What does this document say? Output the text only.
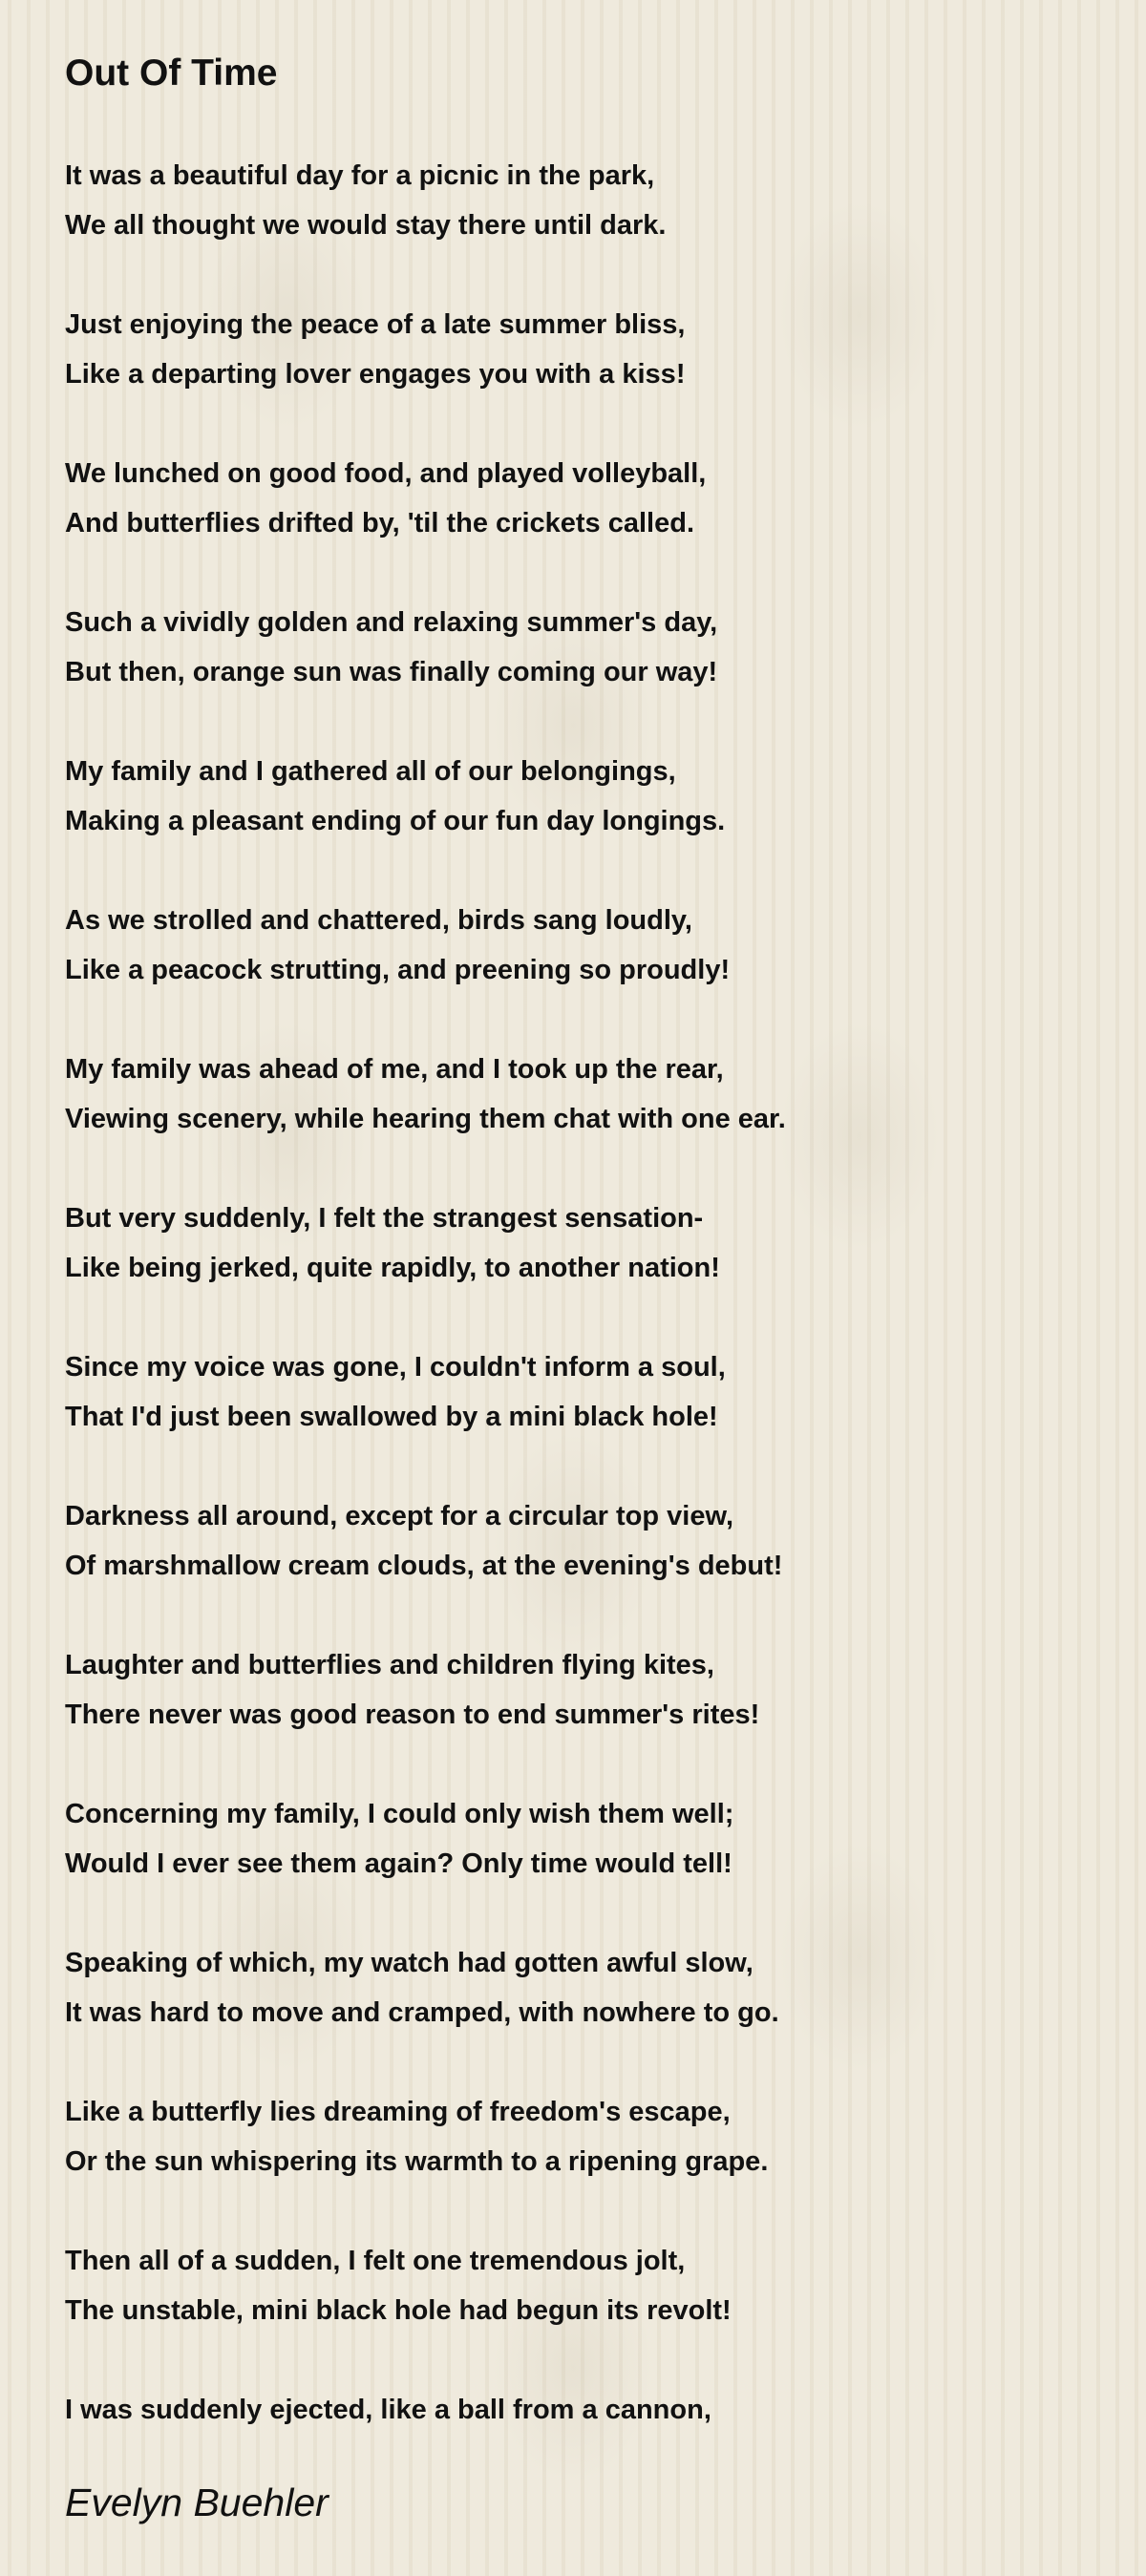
Out Of Time
It was a beautiful day for a picnic in the park,
We all thought we would stay there until dark.
Just enjoying the peace of a late summer bliss,
Like a departing lover engages you with a kiss!
We lunched on good food, and played volleyball,
And butterflies drifted by, 'til the crickets called.
Such a vividly golden and relaxing summer's day,
But then, orange sun was finally coming our way!
My family and I gathered all of our belongings,
Making a pleasant ending of our fun day longings.
As we strolled and chattered, birds sang loudly,
Like a peacock strutting, and preening so proudly!
My family was ahead of me, and I took up the rear,
Viewing scenery, while hearing them chat with one ear.
But very suddenly, I felt the strangest sensation-
Like being jerked, quite rapidly, to another nation!
Since my voice was gone, I couldn't inform a soul,
That I'd just been swallowed by a mini black hole!
Darkness all around, except for a circular top view,
Of marshmallow cream clouds, at the evening's debut!
Laughter and butterflies and children flying kites,
There never was good reason to end summer's rites!
Concerning my family, I could only wish them well;
Would I ever see them again? Only time would tell!
Speaking of which, my watch had gotten awful slow,
It was hard to move and cramped, with nowhere to go.
Like a butterfly lies dreaming of freedom's escape,
Or the sun whispering its warmth to a ripening grape.
Then all of a sudden, I felt one tremendous jolt,
The unstable, mini black hole had begun its revolt!
I was suddenly ejected, like a ball from a cannon,

Evelyn Buehler
